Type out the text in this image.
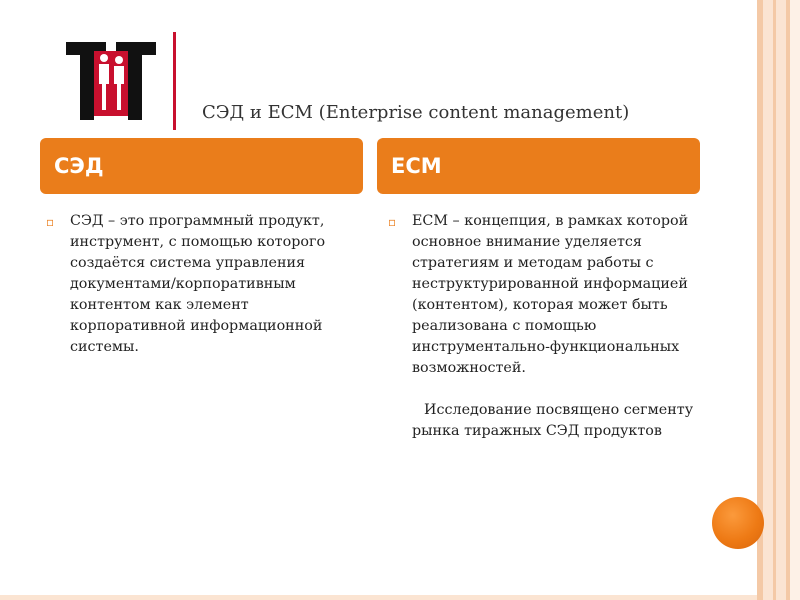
СЭД и ECM (Enterprise content management)
СЭД	ECM
▫ СЭД – это программный продукт, инструмент, с помощью которого создаётся система управления документами/корпоративным контентом как элемент корпоративной информационной системы.
▫ ECM – концепция, в рамках которой основное внимание уделяется стратегиям и методам работы с неструктурированной информацией (контентом), которая может быть реализована с помощью инструментально-функциональных возможностей.
Исследование посвящено сегменту рынка тиражных СЭД продуктов
